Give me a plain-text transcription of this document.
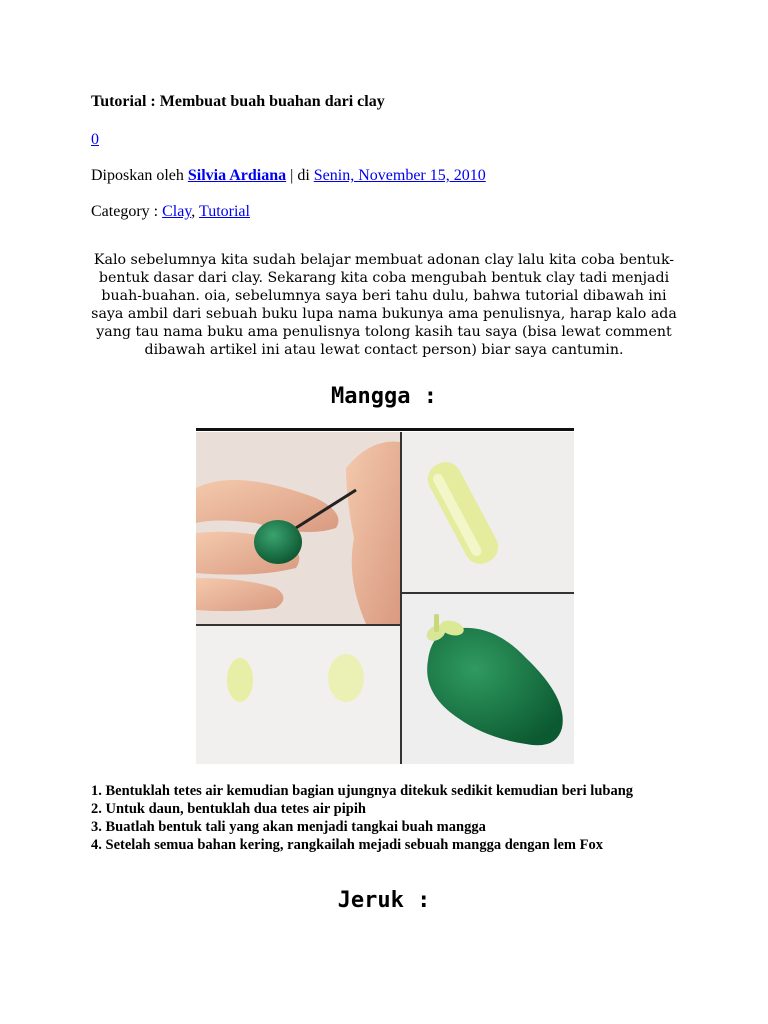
Tutorial : Membuat buah buahan dari clay
0
Diposkan oleh Silvia Ardiana | di Senin, November 15, 2010
Category : Clay, Tutorial

Kalo sebelumnya kita sudah belajar membuat adonan clay lalu kita coba bentuk-bentuk dasar dari clay. Sekarang kita coba mengubah bentuk clay tadi menjadi buah-buahan. oia, sebelumnya saya beri tahu dulu, bahwa tutorial dibawah ini saya ambil dari sebuah buku lupa nama bukunya ama penulisnya, harap kalo ada yang tau nama buku ama penulisnya tolong kasih tau saya (bisa lewat comment dibawah artikel ini atau lewat contact person) biar saya cantumin.

Mangga :
1. Bentuklah tetes air kemudian bagian ujungnya ditekuk sedikit kemudian beri lubang
2. Untuk daun, bentuklah dua tetes air pipih
3. Buatlah bentuk tali yang akan menjadi tangkai buah mangga
4. Setelah semua bahan kering, rangkailah mejadi sebuah mangga dengan lem Fox
Jeruk :
